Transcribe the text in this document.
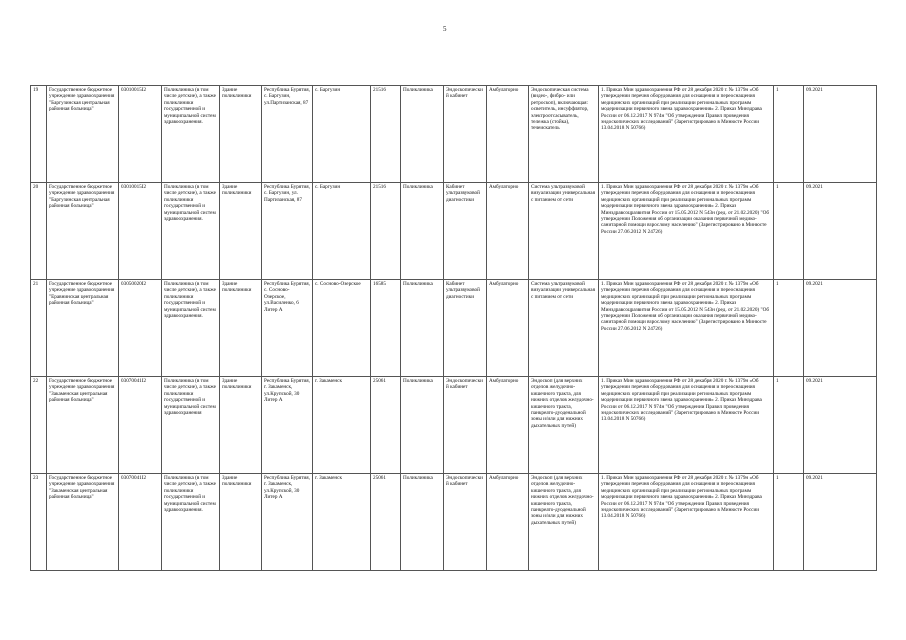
5
19	Государственное бюджетное учреждение здравоохранения "Баргузинская центральная районная больница"	03010015I2	Поликлиника (в том числе детские), а также поликлиники государственной и муниципальной систем здравоохранения.	Здание поликлиники	Республика Бурятия, с. Баргузин, ул.Партизанская, 87	с. Баргузин	21516	Поликлиника	Эндоскопический кабинет	Амбулаторно	Эндоскопическая система (видео-, фибро- или ретроскоп), включающая: осветитель, инсуффлятор, электроотсасыватель, тележка (стойка), течеискатель	1. Приказ Мин здравоохранения РФ от 28 декабря 2020 г. № 1379н «Об утверждении перечня оборудования для оснащения и переоснащения медицинских организаций при реализации региональных программ модернизации первичного звена здравоохранения» 2. Приказ Минздрава России от 06.12.2017 N 974н "Об утверждении Правил проведения эндоскопических исследований" (Зарегистрировано в Минюсте России 13.04.2018 N 50766)	1	09.2021
20	Государственное бюджетное учреждение здравоохранения "Баргузинская центральная районная больница"	03010015I2	Поликлиника (в том числе детские), а также поликлиники государственной и муниципальной систем здравоохранения.	Здание поликлиники	Республика Бурятия, с. Баргузин, ул. Партизанская, 87	с. Баргузин	21516	Поликлиника	Кабинет ультразвуковой диагностики	Амбулаторно	Система ультразвуковой визуализации универсальная с питанием от сети	1. Приказ Мин здравоохранения РФ от 28 декабря 2020 г. № 1379н «Об утверждении перечня оборудования для оснащения и переоснащения медицинских организаций при реализации региональных программ модернизации первичного звена здравоохранения» 2. Приказ Минздравсоцразвития России от 15.05.2012 N 543н (ред. от 21.02.2020) "Об утверждении Положения об организации оказания первичной медико-санитарной помощи взрослому населению" (Зарегистрировано в Минюсте России 27.06.2012 N 24726)	1	09.2021
21	Государственное бюджетное учреждение здравоохранения "Еравнинская центральная районная больница"	03050020I2	Поликлиника (в том числе детские), а также поликлиники государственной и муниципальной систем здравоохранения.	Здание поликлиники	Республика Бурятия, с. Сосново-Озерское, ул.Василенко, 6 Литер А	с. Сосново-Озерское	16585	Поликлиника	Кабинет ультразвуковой диагностики	Амбулаторно	Система ультразвуковой визуализации универсальная с питанием от сети	1. Приказ Мин здравоохранения РФ от 28 декабря 2020 г. № 1379н «Об утверждении перечня оборудования для оснащения и переоснащения медицинских организаций при реализации региональных программ модернизации первичного звена здравоохранения» 2. Приказ Минздравсоцразвития России от 15.05.2012 N 543н (ред. от 21.02.2020) "Об утверждении Положения об организации оказания первичной медико-санитарной помощи взрослому населению" (Зарегистрировано в Минюсте России 27.06.2012 N 24726)	1	09.2021
22	Государственное бюджетное учреждение здравоохранения "Закаменская центральная районная больница"	03070041I2	Поликлиника (в том числе детские), а также поликлиники государственной и муниципальной систем здравоохранения	Здание поликлиники	Республика Бурятия, г. Закаменск, ул.Крупской, 30 Литер А	г. Закаменск	25061	Поликлиника	Эндоскопический кабинет	Амбулаторно	Эндоскоп (для верхних отделов желудочно-кишечного тракта, для нижних отделов желудочно-кишечного тракта, панкреато-дуоденальной зоны и/или для нижних дыхательных путей)	1. Приказ Мин здравоохранения РФ от 28 декабря 2020 г. № 1379н «Об утверждении перечня оборудования для оснащения и переоснащения медицинских организаций при реализации региональных программ модернизации первичного звена здравоохранения» 2. Приказ Минздрава России от 06.12.2017 N 974н "Об утверждении Правил проведения эндоскопических исследований" (Зарегистрировано в Минюсте России 13.04.2018 N 50766)	1	09.2021
23	Государственное бюджетное учреждение здравоохранения "Закаменская центральная районная больница"	03070041I2	Поликлиника (в том числе детские), а также поликлиники государственной и муниципальной систем здравоохранения.	Здание поликлиники	Республика Бурятия, г. Закаменск, ул.Крупской, 30 Литер А	г. Закаменск	25061	Поликлиника	Эндоскопический кабинет	Амбулаторно	Эндоскоп (для верхних отделов желудочно-кишечного тракта, для нижних отделов желудочно-кишечного тракта, панкреато-дуоденальной зоны и/или для нижних дыхательных путей)	1. Приказ Мин здравоохранения РФ от 28 декабря 2020 г. № 1379н «Об утверждении перечня оборудования для оснащения и переоснащения медицинских организаций при реализации региональных программ модернизации первичного звена здравоохранения» 2. Приказ Минздрава России от 06.12.2017 N 974н "Об утверждении Правил проведения эндоскопических исследований" (Зарегистрировано в Минюсте России 13.04.2018 N 50766)	1	09.2021
